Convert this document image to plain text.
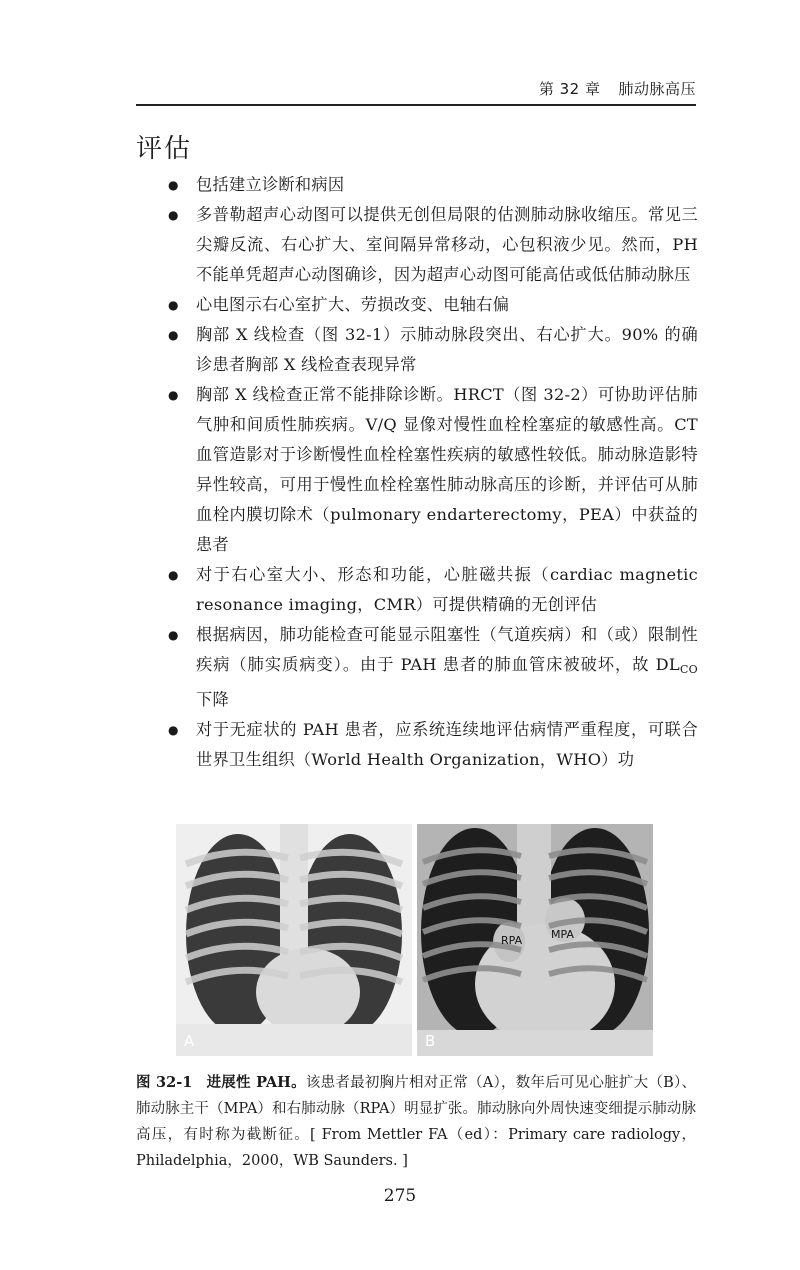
第 32 章 肺动脉高压
评估
● 包括建立诊断和病因
● 多普勒超声心动图可以提供无创但局限的估测肺动脉收缩压。常见三尖瓣反流、右心扩大、室间隔异常移动，心包积液少见。然而，PH 不能单凭超声心动图确诊，因为超声心动图可能高估或低估肺动脉压
● 心电图示右心室扩大、劳损改变、电轴右偏
● 胸部 X 线检查（图 32-1）示肺动脉段突出、右心扩大。90% 的确诊患者胸部 X 线检查表现异常
● 胸部 X 线检查正常不能排除诊断。HRCT（图 32-2）可协助评估肺气肿和间质性肺疾病。V/Q 显像对慢性血栓栓塞症的敏感性高。CT 血管造影对于诊断慢性血栓栓塞性疾病的敏感性较低。肺动脉造影特异性较高，可用于慢性血栓栓塞性肺动脉高压的诊断，并评估可从肺血栓内膜切除术（pulmonary endarterectomy，PEA）中获益的患者
● 对于右心室大小、形态和功能，心脏磁共振（cardiac magnetic resonance imaging，CMR）可提供精确的无创评估
● 根据病因，肺功能检查可能显示阻塞性（气道疾病）和（或）限制性疾病（肺实质病变）。由于 PAH 患者的肺血管床被破坏，故 $DL_{CO}$ 下降
● 对于无症状的 PAH 患者，应系统连续地评估病情严重程度，可联合世界卫生组织（World Health Organization，WHO）功
A
RPA	MPA
B

图 32-1 进展性 PAH。该患者最初胸片相对正常（A），数年后可见心脏扩大（B）、肺动脉主干（MPA）和右肺动脉（RPA）明显扩张。肺动脉向外周快速变细提示肺动脉高压，有时称为截断征。[ From Mettler FA（ed）：Primary care radiology，Philadelphia，2000，WB Saunders. ]

275
